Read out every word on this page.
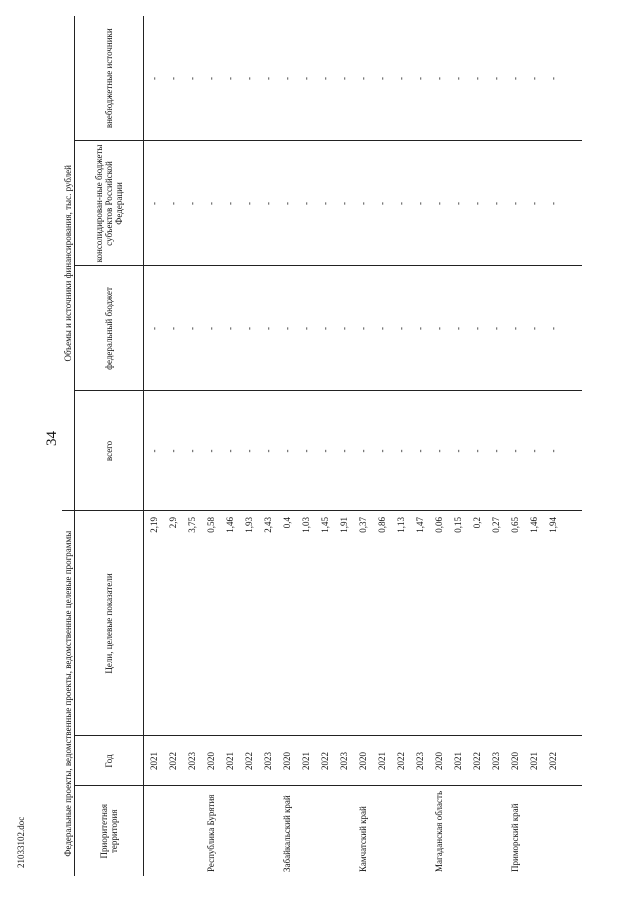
34
Федеральные проекты, ведомственные проекты, ведомственные целевые программы			Объемы и источники финансирования, тыс. рублей			
Приоритетная территория	Год	Цели, целевые показатели	всего	федеральный бюджет	консолидирован-ные бюджеты субъектов Российской Федерации	внебюджетные источники
	2021	2,19	-	-	-	-
	2022	2,9	-	-	-	-
	2023	3,75	-	-	-	-
Республика Бурятия	2020	0,58	-	-	-	-
	2021	1,46	-	-	-	-
	2022	1,93	-	-	-	-
	2023	2,43	-	-	-	-
Забайкальский край	2020	0,4	-	-	-	-
	2021	1,03	-	-	-	-
	2022	1,45	-	-	-	-
	2023	1,91	-	-	-	-
Камчатский край	2020	0,37	-	-	-	-
	2021	0,86	-	-	-	-
	2022	1,13	-	-	-	-
	2023	1,47	-	-	-	-
Магаданская область	2020	0,06	-	-	-	-
	2021	0,15	-	-	-	-
	2022	0,2	-	-	-	-
	2023	0,27	-	-	-	-
Приморский край	2020	0,65	-	-	-	-
	2021	1,46	-	-	-	-
	2022	1,94	-	-	-	-
21033102.doc
